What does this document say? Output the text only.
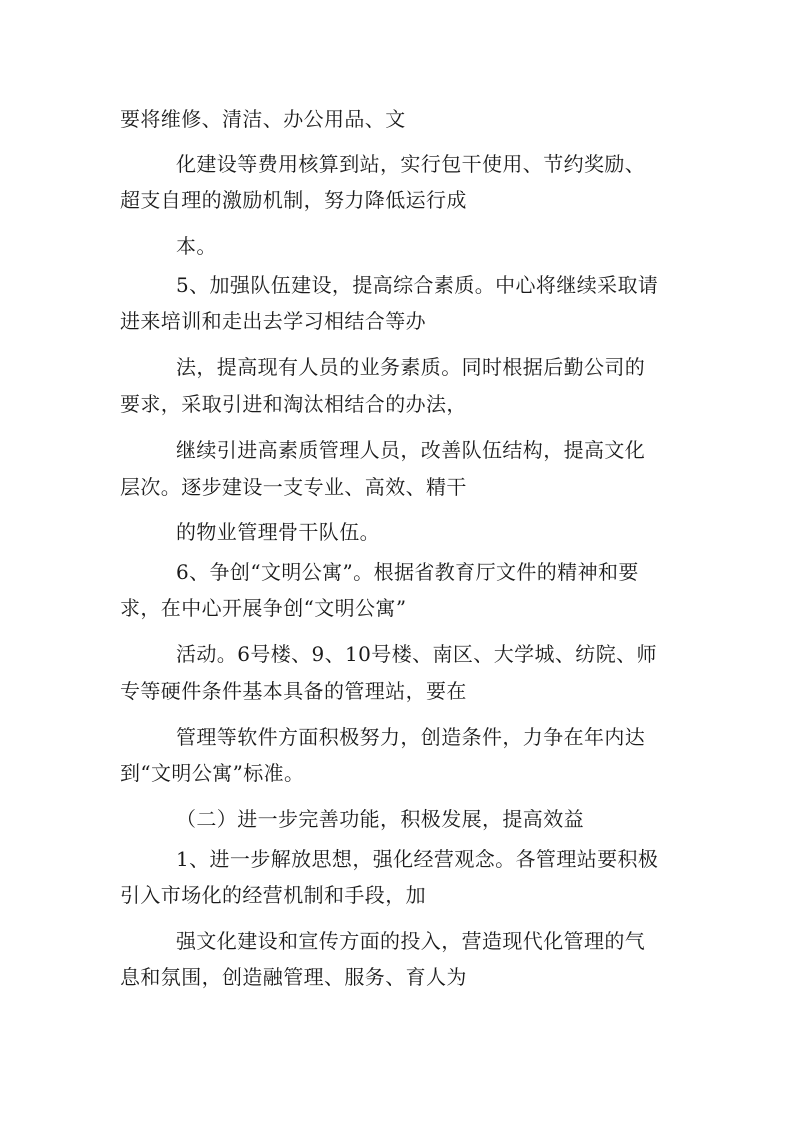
要将维修、清洁、办公用品、文
化建设等费用核算到站，实行包干使用、节约奖励、
超支自理的激励机制，努力降低运行成
本。
5、加强队伍建设，提高综合素质。中心将继续采取请
进来培训和走出去学习相结合等办
法，提高现有人员的业务素质。同时根据后勤公司的
要求，采取引进和淘汰相结合的办法，
继续引进高素质管理人员，改善队伍结构，提高文化
层次。逐步建设一支专业、高效、精干
的物业管理骨干队伍。
6、争创“文明公寓”。根据省教育厅文件的精神和要
求，在中心开展争创“文明公寓”
活动。6号楼、9、10号楼、南区、大学城、纺院、师
专等硬件条件基本具备的管理站，要在
管理等软件方面积极努力，创造条件，力争在年内达
到“文明公寓”标准。
（二）进一步完善功能，积极发展，提高效益
1、进一步解放思想，强化经营观念。各管理站要积极
引入市场化的经营机制和手段，加
强文化建设和宣传方面的投入，营造现代化管理的气
息和氛围，创造融管理、服务、育人为
